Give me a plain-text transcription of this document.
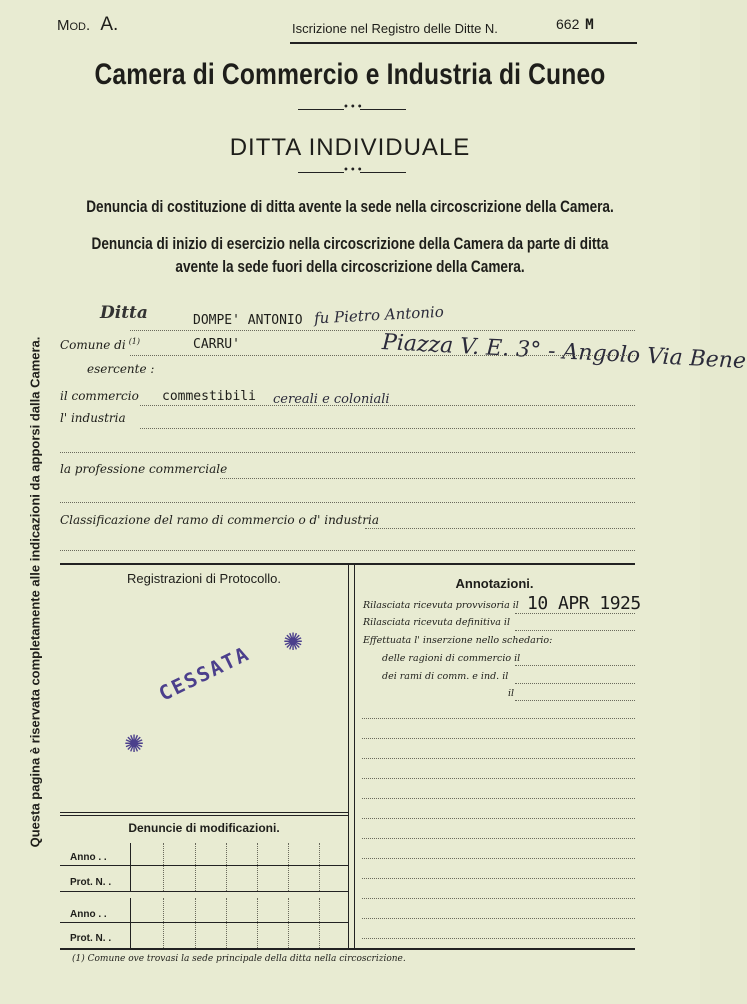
Mod. A.	Iscrizione nel Registro delle Ditte N.	662 M
Camera di Commercio e Industria di Cuneo
•••
DITTA INDIVIDUALE
•••
Denuncia di costituzione di ditta avente la sede nella circoscrizione della Camera.
Denuncia di inizio di esercizio nella circoscrizione della Camera da parte di ditta
avente la sede fuori della circoscrizione della Camera.
Questa pagina è riservata completamente alle indicazioni da apporsi dalla Camera.
Ditta	DOMPE' ANTONIO fu Pietro Antonio
Comune di $^{(1)}$	CARRU'	Piazza V. E. 3° - Angolo Via Bene
esercente :
il commercio commestibili cereali e coloniali
l' industria
la professione commerciale
Classificazione del ramo di commercio o d' industria
Registrazioni di Protocollo.
CESSATA ✺
✺
Annotazioni.
Rilasciata ricevuta provvisoria il 10 APR 1925
Rilasciata ricevuta definitiva il
Effettuata l' inserzione nello schedario:
delle ragioni di commercio il
dei rami di comm. e ind. il
il
Denuncie di modificazioni.
Anno . .
Prot. N. .
Anno . .
Prot. N. .
(1) Comune ove trovasi la sede principale della ditta nella circoscrizione.
